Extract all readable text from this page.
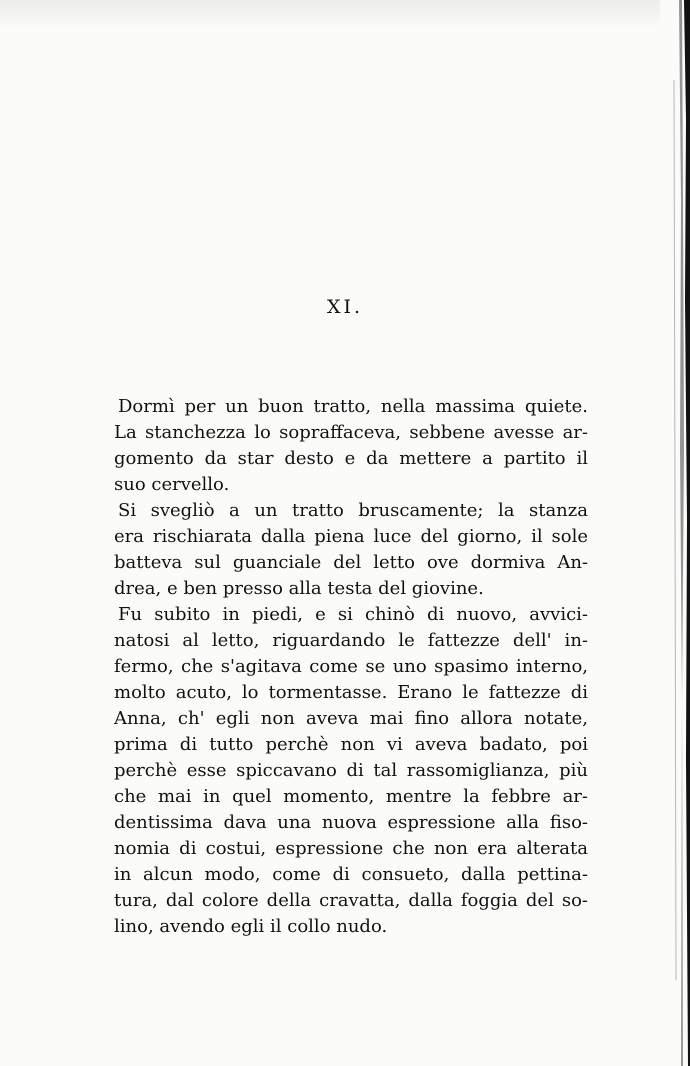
XI.

Dormì per un buon tratto, nella massima quiete.
La stanchezza lo sopraffaceva, sebbene avesse ar-
gomento da star desto e da mettere a partito il
suo cervello.

Si svegliò a un tratto bruscamente; la stanza
era rischiarata dalla piena luce del giorno, il sole
batteva sul guanciale del letto ove dormiva An-
drea, e ben presso alla testa del giovine.

Fu subito in piedi, e si chinò di nuovo, avvici-
natosi al letto, riguardando le fattezze dell' in-
fermo, che s'agitava come se uno spasimo interno,
molto acuto, lo tormentasse. Erano le fattezze di
Anna, ch' egli non aveva mai fino allora notate,
prima di tutto perchè non vi aveva badato, poi
perchè esse spiccavano di tal rassomiglianza, più
che mai in quel momento, mentre la febbre ar-
dentissima dava una nuova espressione alla fiso-
nomia di costui, espressione che non era alterata
in alcun modo, come di consueto, dalla pettina-
tura, dal colore della cravatta, dalla foggia del so-
lino, avendo egli il collo nudo.
